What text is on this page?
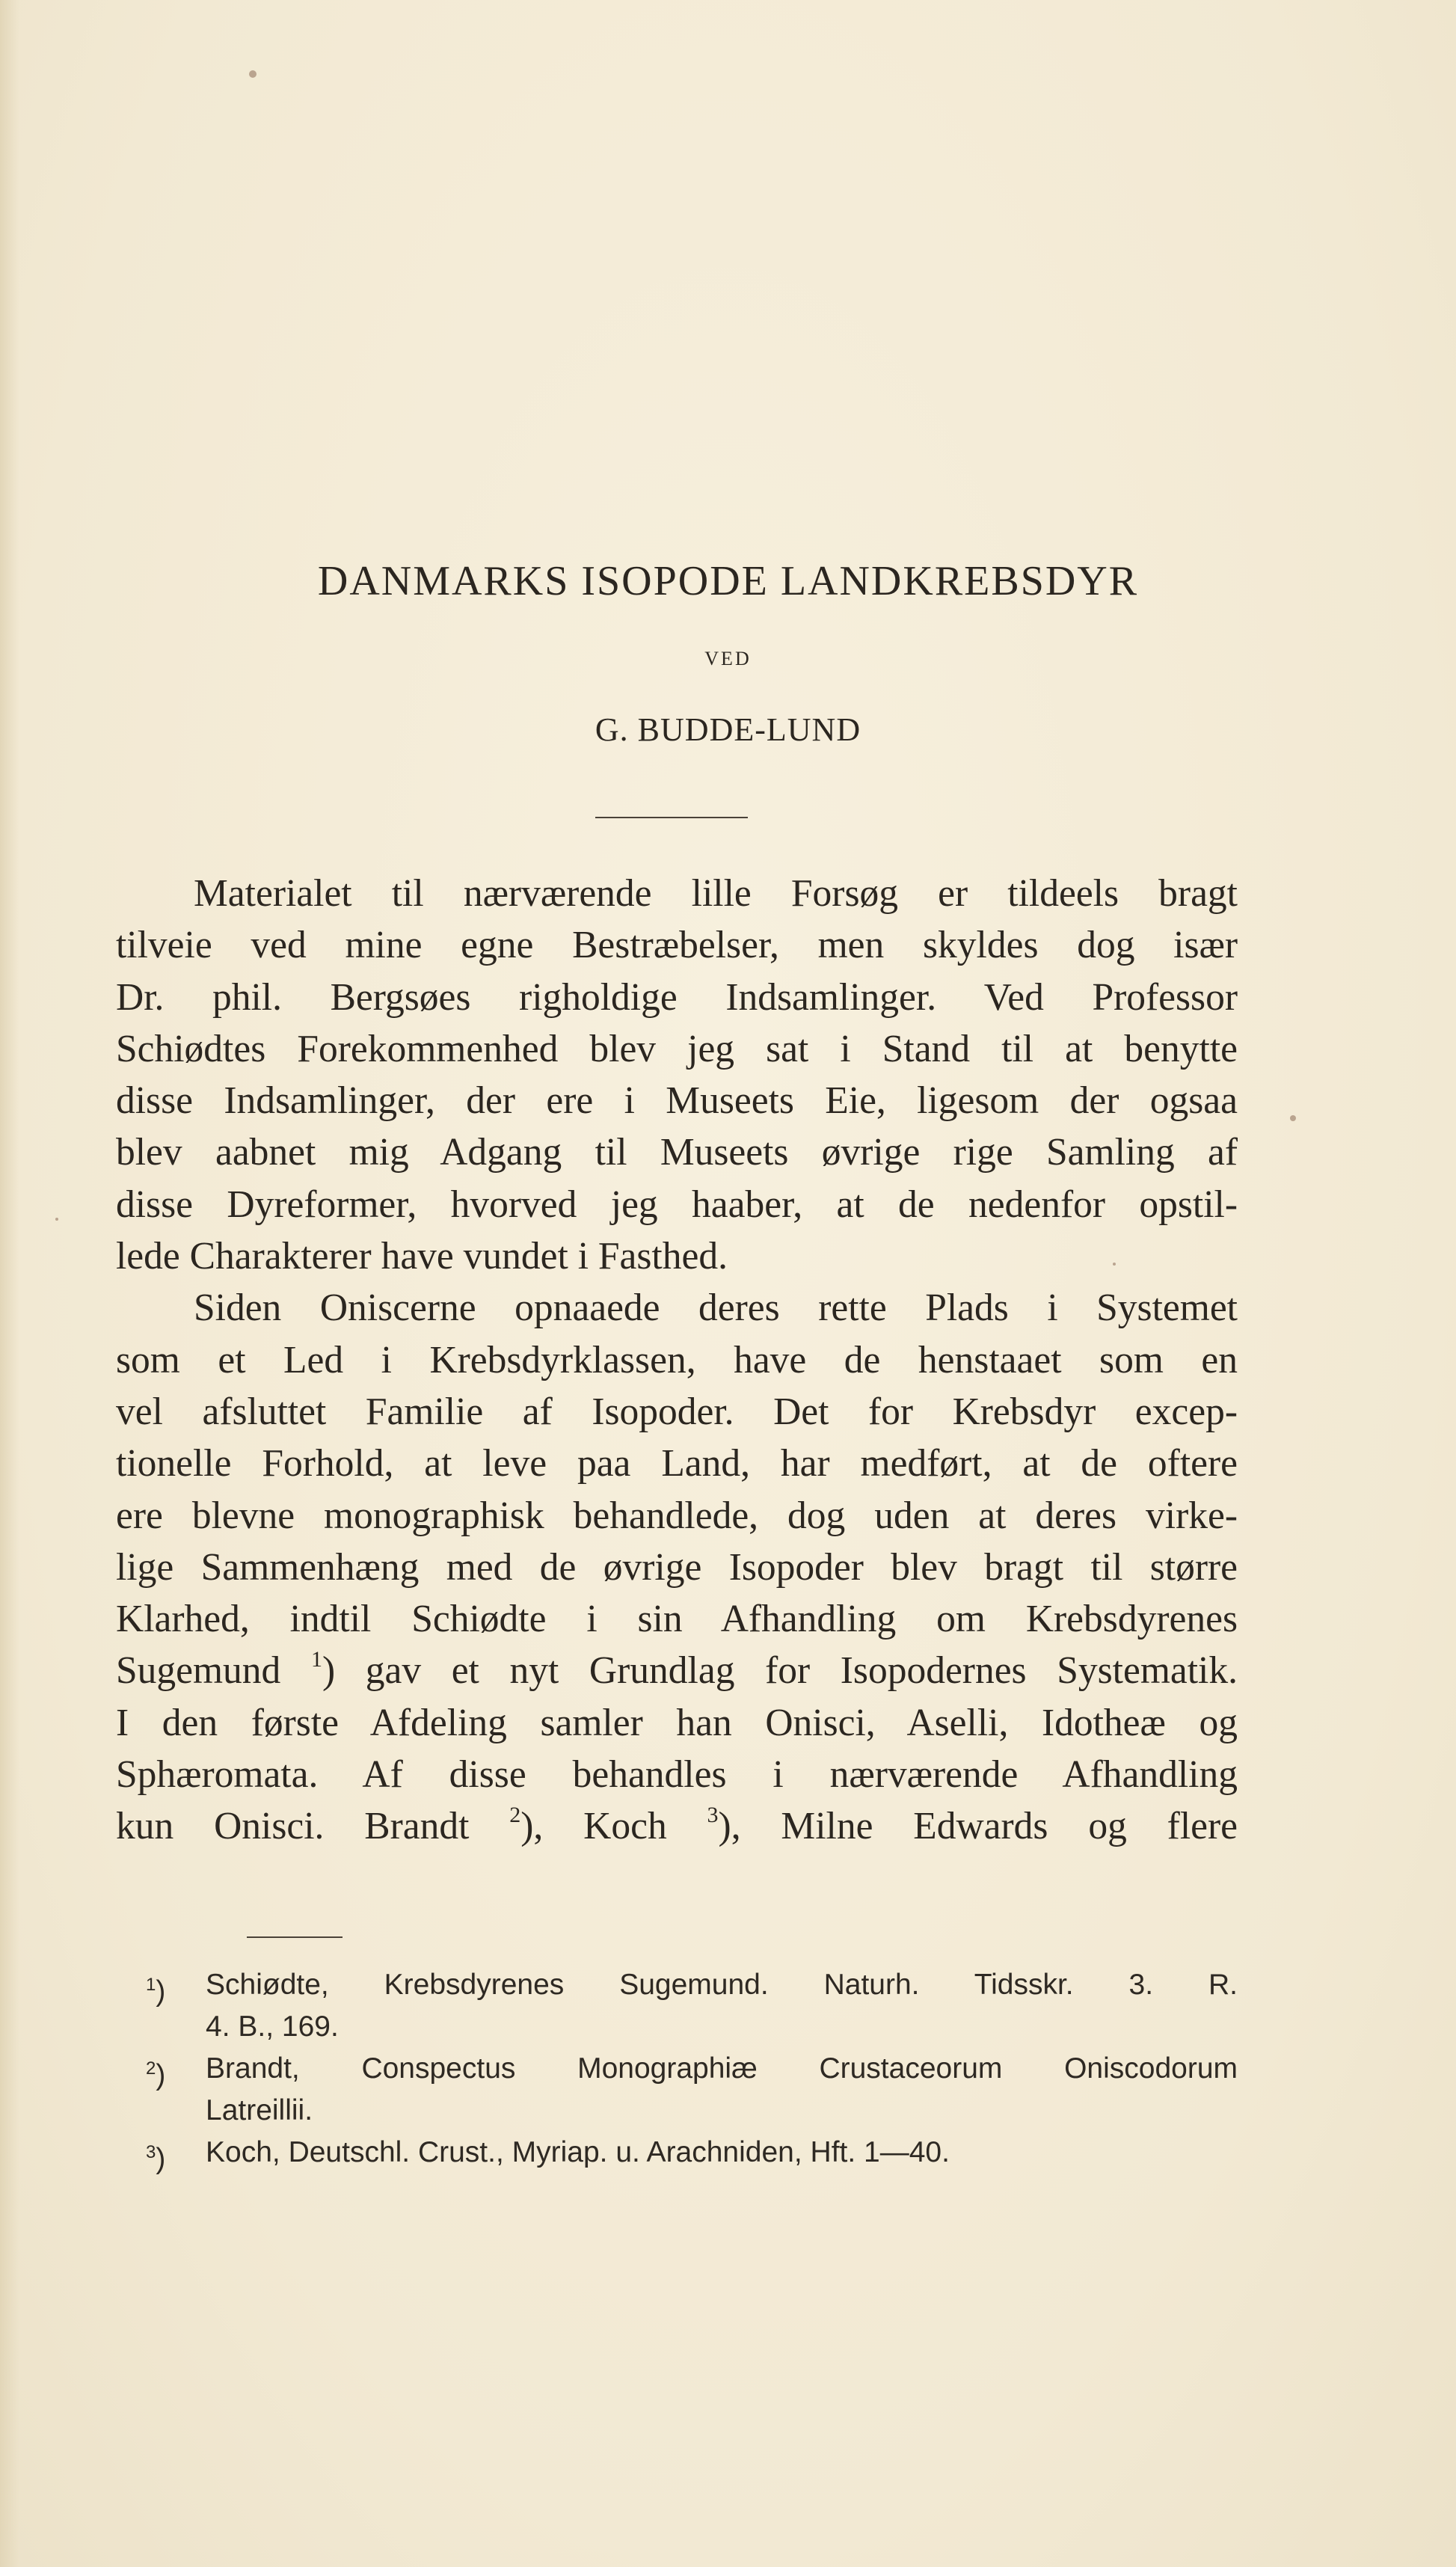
DANMARKS ISOPODE LANDKREBSDYR
VED
G. BUDDE-LUND
Materialet til nærværende lille Forsøg er tildeels bragt
tilveie ved mine egne Bestræbelser, men skyldes dog især
Dr. phil. Bergsøes righoldige Indsamlinger. Ved Professor
Schiødtes Forekommenhed blev jeg sat i Stand til at benytte
disse Indsamlinger, der ere i Museets Eie, ligesom der ogsaa
blev aabnet mig Adgang til Museets øvrige rige Samling af
disse Dyreformer, hvorved jeg haaber, at de nedenfor opstil-
lede Charakterer have vundet i Fasthed.
Siden Oniscerne opnaaede deres rette Plads i Systemet
som et Led i Krebsdyrklassen, have de henstaaet som en
vel afsluttet Familie af Isopoder. Det for Krebsdyr excep-
tionelle Forhold, at leve paa Land, har medført, at de oftere
ere blevne monographisk behandlede, dog uden at deres virke-
lige Sammenhæng med de øvrige Isopoder blev bragt til større
Klarhed, indtil Schiødte i sin Afhandling om Krebsdyrenes
Sugemund $^1$) gav et nyt Grundlag for Isopodernes Systematik.
I den første Afdeling samler han Onisci, Aselli, Idotheæ og
Sphæromata. Af disse behandles i nærværende Afhandling
kun Onisci. Brandt $^2$), Koch $^3$), Milne Edwards og flere
$^1$) Schiødte, Krebsdyrenes Sugemund. Naturh. Tidsskr. 3. R.
4. B., 169.
$^2$) Brandt, Conspectus Monographiæ Crustaceorum Oniscodorum
Latreillii.
$^3$) Koch, Deutschl. Crust., Myriap. u. Arachniden, Hft. 1—40.
